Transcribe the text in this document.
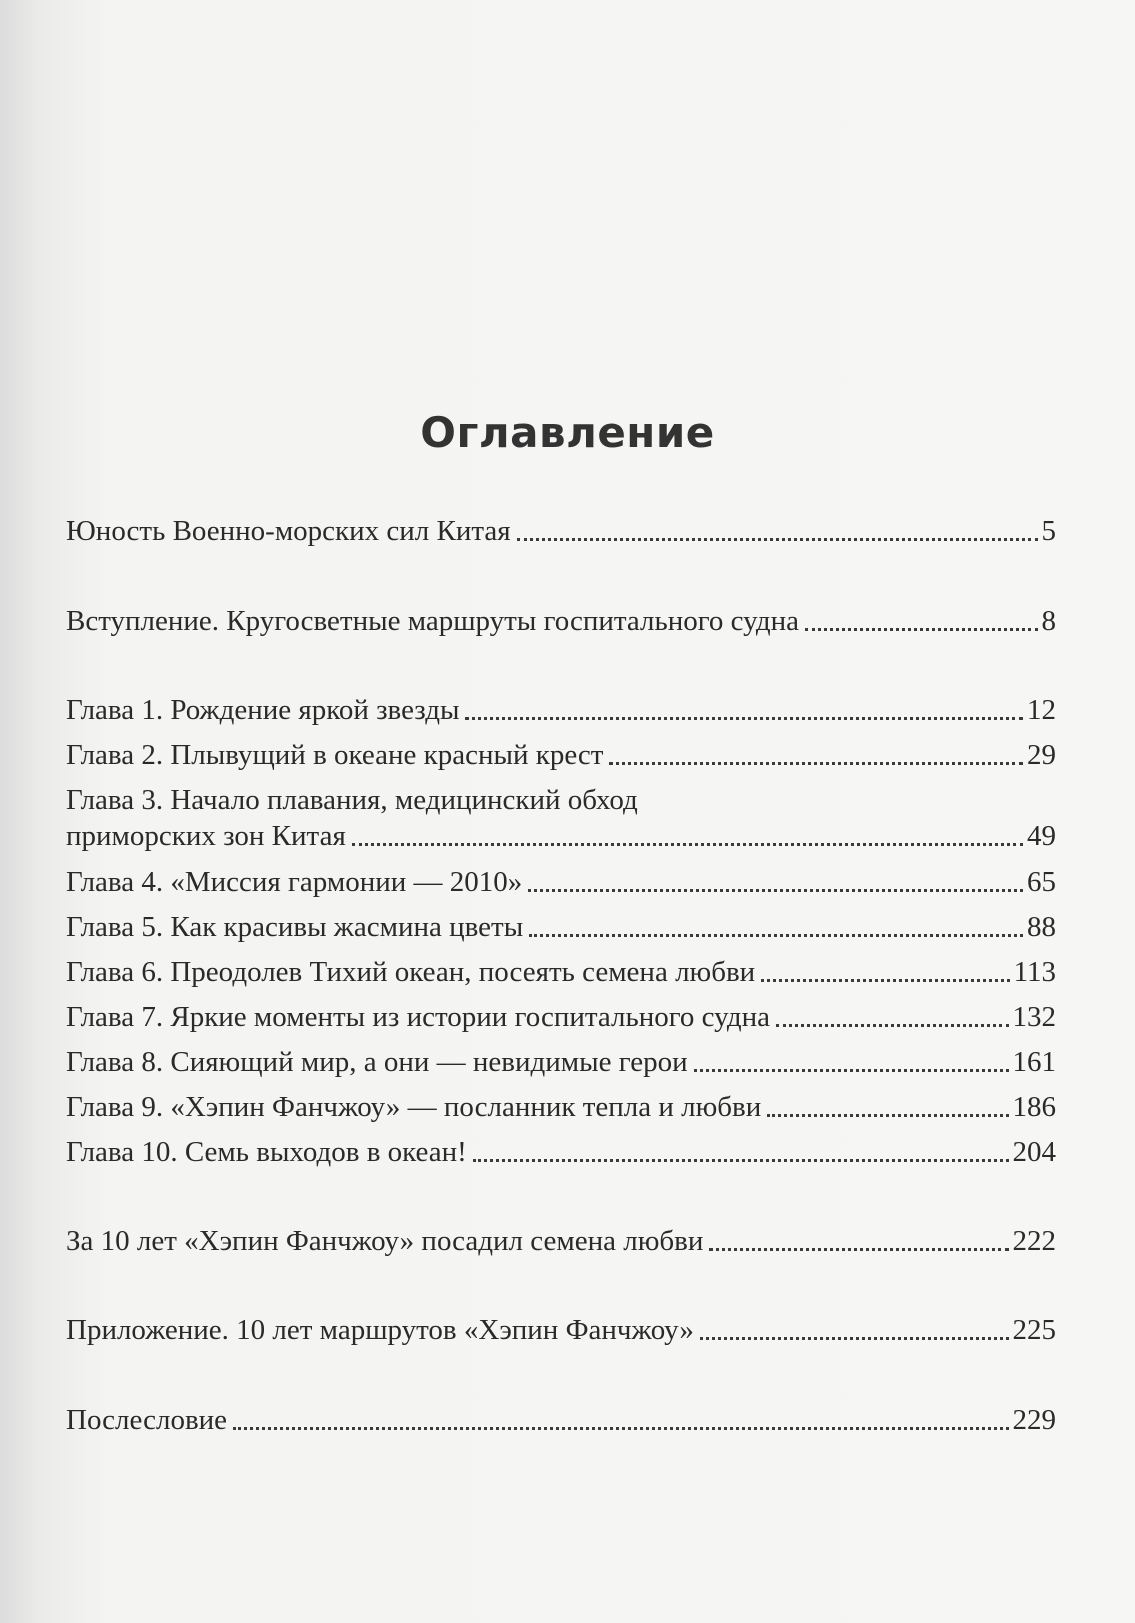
Оглавление
Юность Военно-морских сил Китая	5
Вступление. Кругосветные маршруты госпитального судна	8
Глава 1. Рождение яркой звезды	12
Глава 2. Плывущий в океане красный крест	29
Глава 3. Начало плавания, медицинский обход
приморских зон Китая	49
Глава 4. «Миссия гармонии — 2010»	65
Глава 5. Как красивы жасмина цветы	88
Глава 6. Преодолев Тихий океан, посеять семена любви	113
Глава 7. Яркие моменты из истории госпитального судна	132
Глава 8. Сияющий мир, а они — невидимые герои	161
Глава 9. «Хэпин Фанчжоу» — посланник тепла и любви	186
Глава 10. Семь выходов в океан!	204
За 10 лет «Хэпин Фанчжоу» посадил семена любви	222
Приложение. 10 лет маршрутов «Хэпин Фанчжоу»	225
Послесловие	229
